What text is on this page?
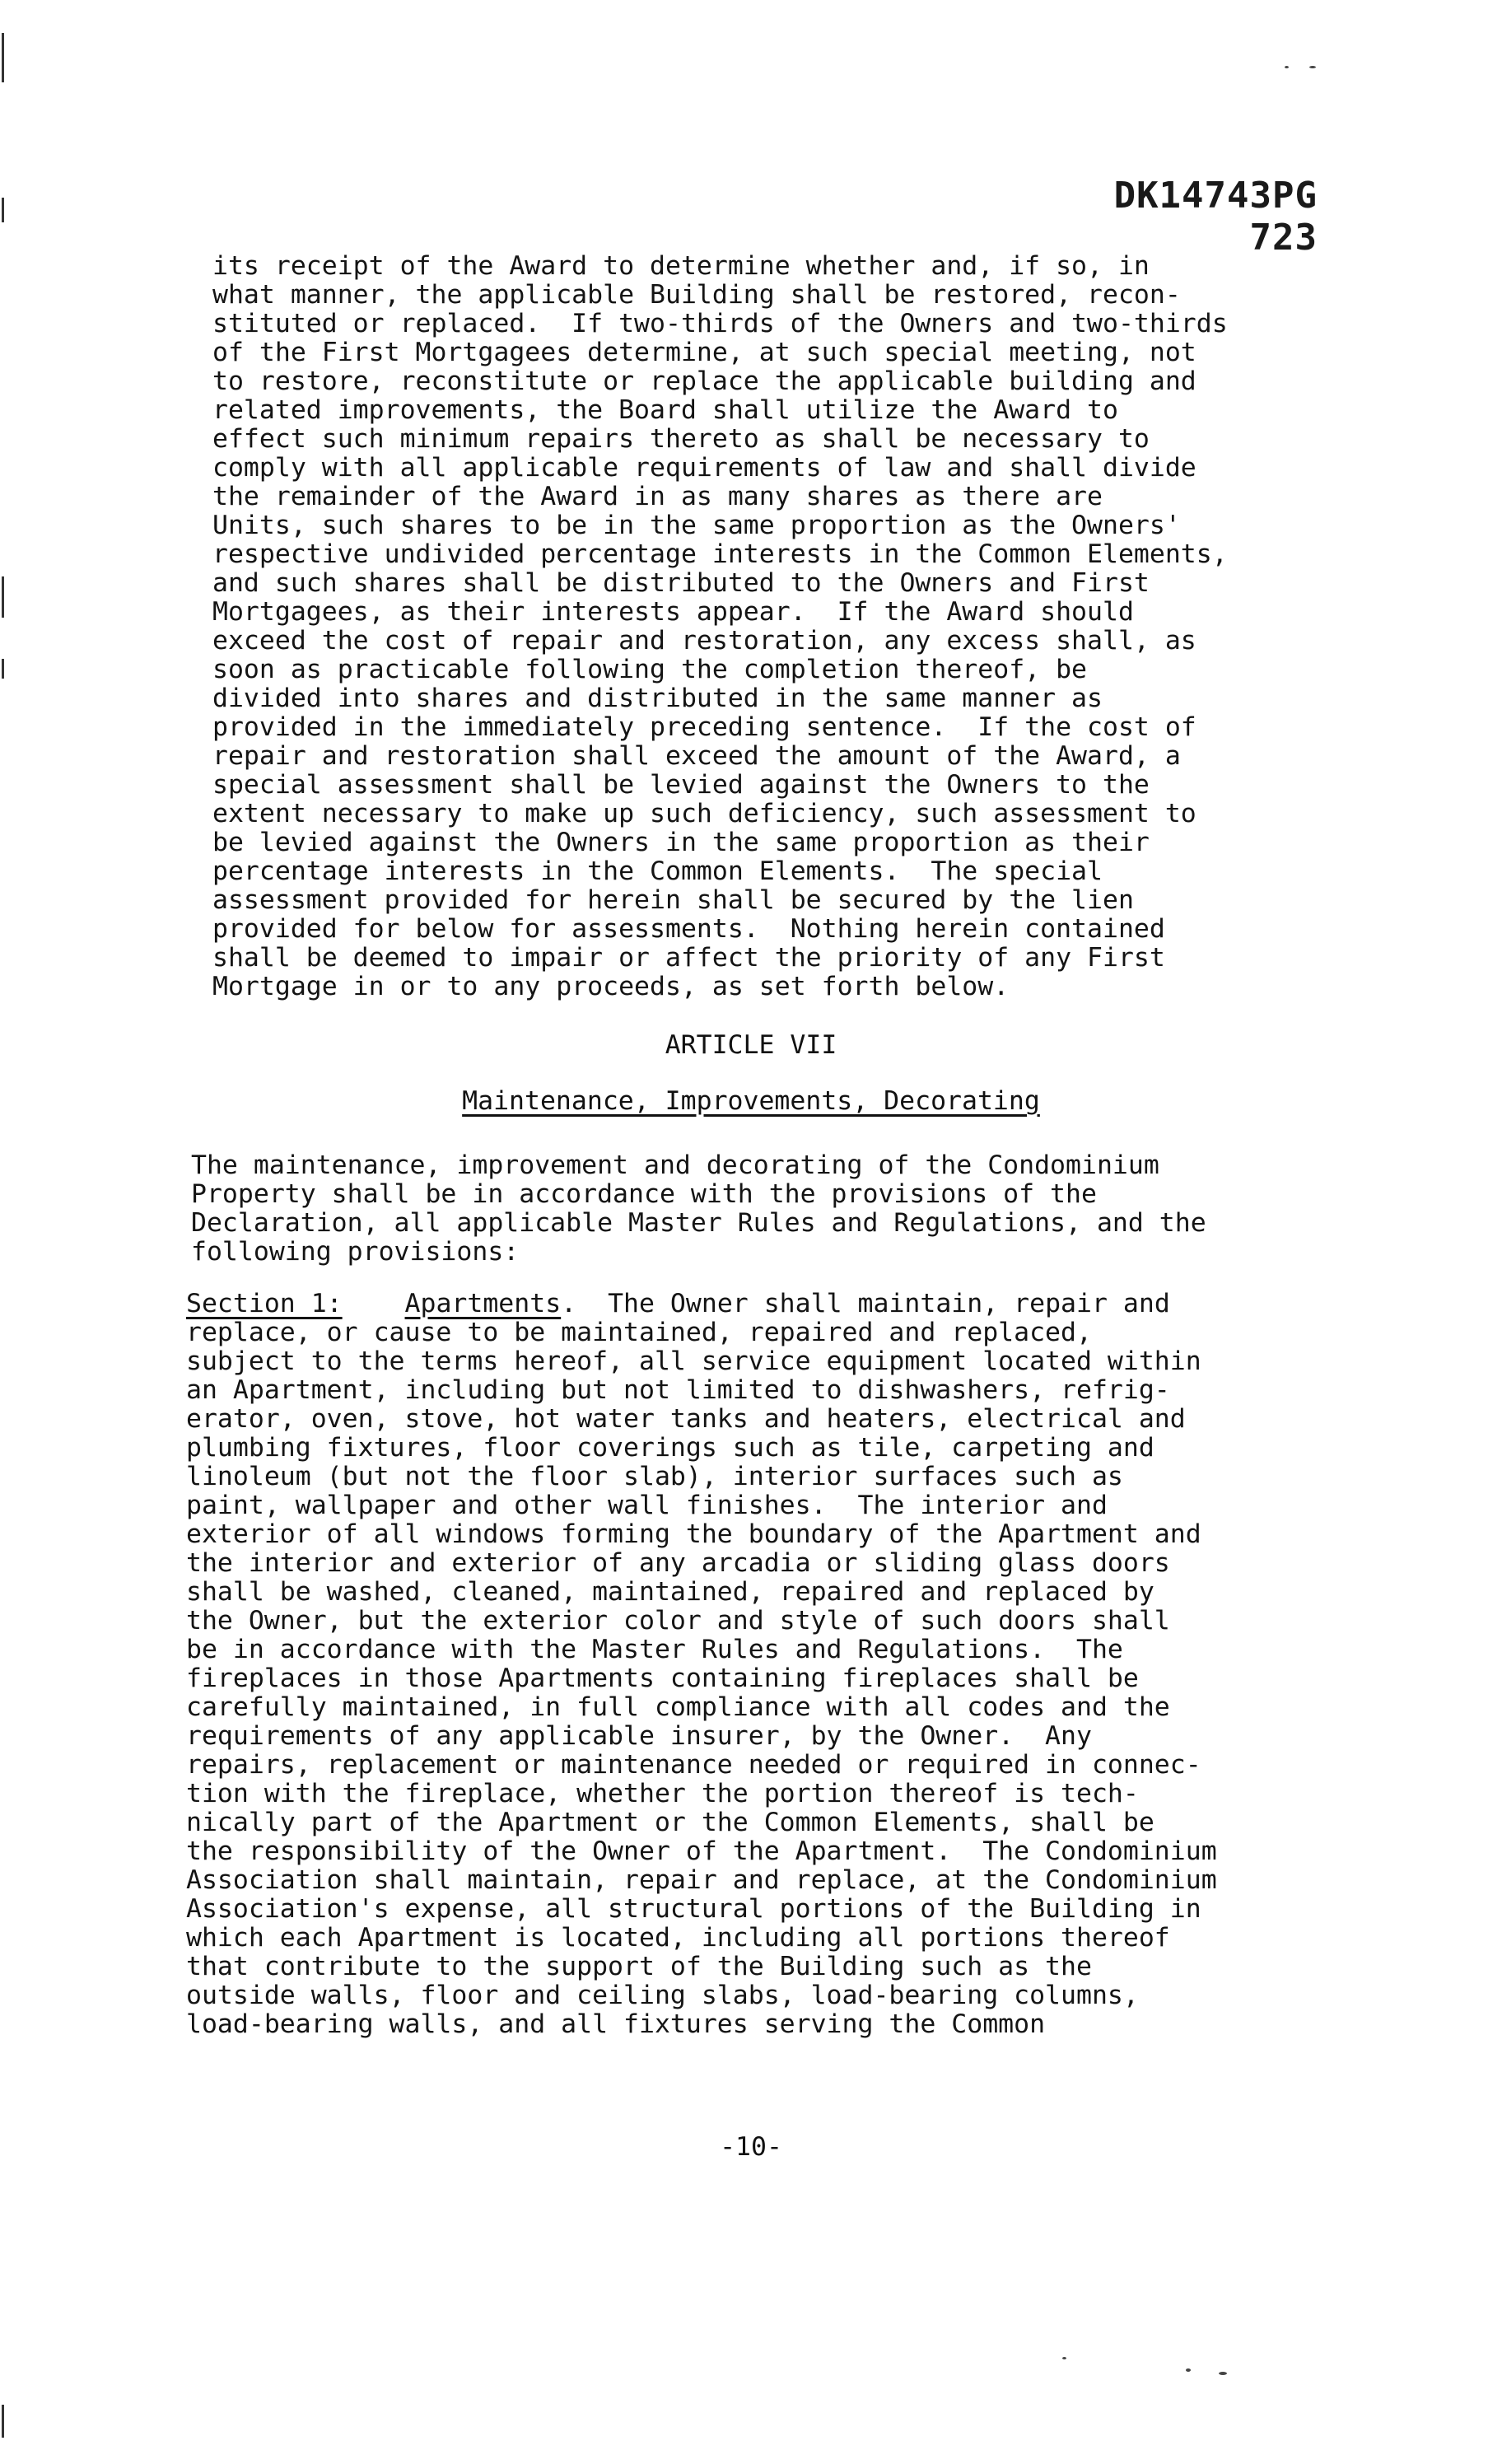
DK14743PG 723
its receipt of the Award to determine whether and, if so, in
what manner, the applicable Building shall be restored, recon-
stituted or replaced.  If two-thirds of the Owners and two-thirds
of the First Mortgagees determine, at such special meeting, not
to restore, reconstitute or replace the applicable building and
related improvements, the Board shall utilize the Award to
effect such minimum repairs thereto as shall be necessary to
comply with all applicable requirements of law and shall divide
the remainder of the Award in as many shares as there are
Units, such shares to be in the same proportion as the Owners'
respective undivided percentage interests in the Common Elements,
and such shares shall be distributed to the Owners and First
Mortgagees, as their interests appear.  If the Award should
exceed the cost of repair and restoration, any excess shall, as
soon as practicable following the completion thereof, be
divided into shares and distributed in the same manner as
provided in the immediately preceding sentence.  If the cost of
repair and restoration shall exceed the amount of the Award, a
special assessment shall be levied against the Owners to the
extent necessary to make up such deficiency, such assessment to
be levied against the Owners in the same proportion as their
percentage interests in the Common Elements.  The special
assessment provided for herein shall be secured by the lien
provided for below for assessments.  Nothing herein contained
shall be deemed to impair or affect the priority of any First
Mortgage in or to any proceeds, as set forth below.
ARTICLE VII
Maintenance, Improvements, Decorating
The maintenance, improvement and decorating of the Condominium
Property shall be in accordance with the provisions of the
Declaration, all applicable Master Rules and Regulations, and the
following provisions:
Section 1: Apartments.  The Owner shall maintain, repair and
replace, or cause to be maintained, repaired and replaced,
subject to the terms hereof, all service equipment located within
an Apartment, including but not limited to dishwashers, refrig-
erator, oven, stove, hot water tanks and heaters, electrical and
plumbing fixtures, floor coverings such as tile, carpeting and
linoleum (but not the floor slab), interior surfaces such as
paint, wallpaper and other wall finishes.  The interior and
exterior of all windows forming the boundary of the Apartment and
the interior and exterior of any arcadia or sliding glass doors
shall be washed, cleaned, maintained, repaired and replaced by
the Owner, but the exterior color and style of such doors shall
be in accordance with the Master Rules and Regulations.  The
fireplaces in those Apartments containing fireplaces shall be
carefully maintained, in full compliance with all codes and the
requirements of any applicable insurer, by the Owner.  Any
repairs, replacement or maintenance needed or required in connec-
tion with the fireplace, whether the portion thereof is tech-
nically part of the Apartment or the Common Elements, shall be
the responsibility of the Owner of the Apartment.  The Condominium
Association shall maintain, repair and replace, at the Condominium
Association's expense, all structural portions of the Building in
which each Apartment is located, including all portions thereof
that contribute to the support of the Building such as the
outside walls, floor and ceiling slabs, load-bearing columns,
load-bearing walls, and all fixtures serving the Common
-10-
